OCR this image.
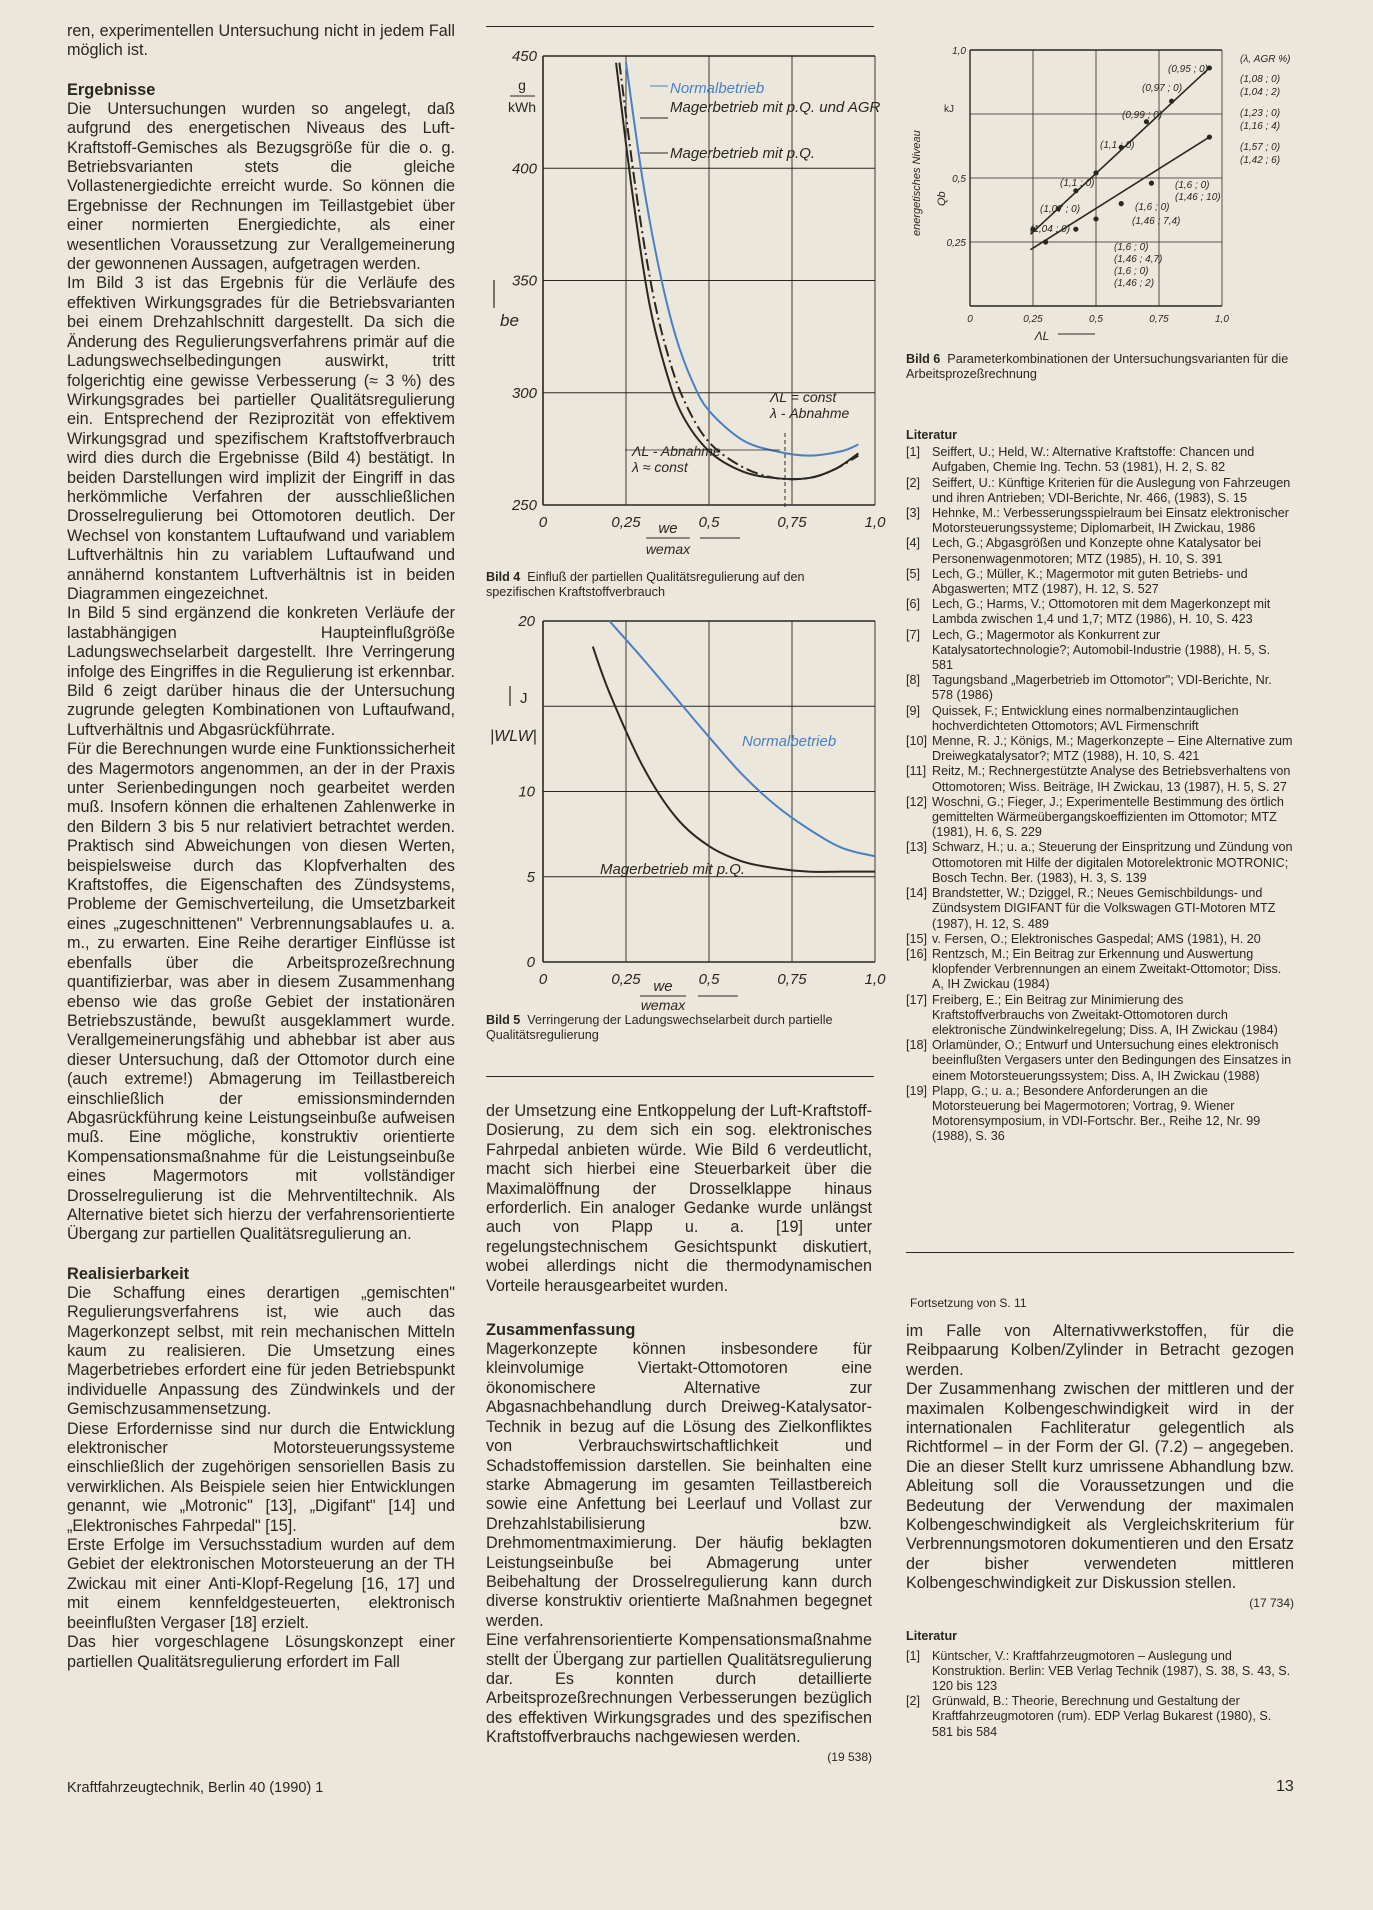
ren, experimentellen Untersuchung nicht in jedem Fall möglich ist.

Ergebnisse

Die Untersuchungen wurden so angelegt, daß aufgrund des energetischen Niveaus des Luft-Kraftstoff-Gemisches als Bezugsgröße für die o. g. Betriebsvarianten stets die gleiche Vollastenergiedichte erreicht wurde. So können die Ergebnisse der Rechnungen im Teillastgebiet über einer normierten Energiedichte, als einer wesentlichen Voraussetzung zur Verallgemeinerung der gewonnenen Aussagen, aufgetragen werden.

Im Bild 3 ist das Ergebnis für die Verläufe des effektiven Wirkungsgrades für die Betriebsvarianten bei einem Drehzahlschnitt dargestellt. Da sich die Änderung des Regulierungsverfahrens primär auf die Ladungswechselbedingungen auswirkt, tritt folgerichtig eine gewisse Verbesserung (≈ 3 %) des Wirkungsgrades bei partieller Qualitätsregulierung ein. Entsprechend der Reziprozität von effektivem Wirkungsgrad und spezifischem Kraftstoffverbrauch wird dies durch die Ergebnisse (Bild 4) bestätigt. In beiden Darstellungen wird implizit der Eingriff in das herkömmliche Verfahren der ausschließlichen Drosselregulierung bei Ottomotoren deutlich. Der Wechsel von konstantem Luftaufwand und variablem Luftverhältnis hin zu variablem Luftaufwand und annähernd konstantem Luftverhältnis ist in beiden Diagrammen eingezeichnet.

In Bild 5 sind ergänzend die konkreten Verläufe der lastabhängigen Haupteinflußgröße Ladungswechselarbeit dargestellt. Ihre Verringerung infolge des Eingriffes in die Regulierung ist erkennbar. Bild 6 zeigt darüber hinaus die der Untersuchung zugrunde gelegten Kombinationen von Luftaufwand, Luftverhältnis und Abgasrückführrate.

Für die Berechnungen wurde eine Funktionssicherheit des Magermotors angenommen, an der in der Praxis unter Serienbedingungen noch gearbeitet werden muß. Insofern können die erhaltenen Zahlenwerke in den Bildern 3 bis 5 nur relativiert betrachtet werden. Praktisch sind Abweichungen von diesen Werten, beispielsweise durch das Klopfverhalten des Kraftstoffes, die Eigenschaften des Zündsystems, Probleme der Gemischverteilung, die Umsetzbarkeit eines „zugeschnittenen" Verbrennungsablaufes u. a. m., zu erwarten. Eine Reihe derartiger Einflüsse ist ebenfalls über die Arbeitsprozeßrechnung quantifizierbar, was aber in diesem Zusammenhang ebenso wie das große Gebiet der instationären Betriebszustände, bewußt ausgeklammert wurde. Verallgemeinerungsfähig und abhebbar ist aber aus dieser Untersuchung, daß der Ottomotor durch eine (auch extreme!) Abmagerung im Teillastbereich einschließlich der emissionsmindernden Abgasrückführung keine Leistungseinbuße aufweisen muß. Eine mögliche, konstruktiv orientierte Kompensationsmaßnahme für die Leistungseinbuße eines Magermotors mit vollständiger Drosselregulierung ist die Mehrventiltechnik. Als Alternative bietet sich hierzu der verfahrensorientierte Übergang zur partiellen Qualitätsregulierung an.

Realisierbarkeit

Die Schaffung eines derartigen „gemischten" Regulierungsverfahrens ist, wie auch das Magerkonzept selbst, mit rein mechanischen Mitteln kaum zu realisieren. Die Umsetzung eines Magerbetriebes erfordert eine für jeden Betriebspunkt individuelle Anpassung des Zündwinkels und der Gemischzusammensetzung.

Diese Erfordernisse sind nur durch die Entwicklung elektronischer Motorsteuerungssysteme einschließlich der zugehörigen sensoriellen Basis zu verwirklichen. Als Beispiele seien hier Entwicklungen genannt, wie „Motronic" [13], „Digifant" [14] und „Elektronisches Fahrpedal" [15].

Erste Erfolge im Versuchsstadium wurden auf dem Gebiet der elektronischen Motorsteuerung an der TH Zwickau mit einer Anti-Klopf-Regelung [16, 17] und mit einem kennfeldgesteuerten, elektronisch beeinflußten Vergaser [18] erzielt.

Das hier vorgeschlagene Lösungskonzept einer partiellen Qualitätsregulierung erfordert im Fall

250
300
350
400
450
0	0,25	0,5	0,75	1,0
g
kWh
be
we
wemax
Normalbetrieb
Magerbetrieb mit p.Q. und AGR
Magerbetrieb mit p.Q.
ΛL = const
λ - Abnahme
ΛL - Abnahme
λ ≈ const
Bild 4 Einfluß der partiellen Qualitätsregulierung auf den spezifischen Kraftstoffverbrauch
0
5
10
20
0	0,25	0,5	0,75	1,0
J
|WLW|
we
wemax
Normalbetrieb
Magerbetrieb mit p.Q.
Bild 5 Verringerung der Ladungswechselarbeit durch partielle Qualitätsregulierung

der Umsetzung eine Entkoppelung der Luft-Kraftstoff-Dosierung, zu dem sich ein sog. elektronisches Fahrpedal anbieten würde. Wie Bild 6 verdeutlicht, macht sich hierbei eine Steuerbarkeit über die Maximalöffnung der Drosselklappe hinaus erforderlich. Ein analoger Gedanke wurde unlängst auch von Plapp u. a. [19] unter regelungstechnischem Gesichtspunkt diskutiert, wobei allerdings nicht die thermodynamischen Vorteile herausgearbeitet wurden.

Zusammenfassung

Magerkonzepte können insbesondere für kleinvolumige Viertakt-Ottomotoren eine ökonomischere Alternative zur Abgasnachbehandlung durch Dreiweg-Katalysator-Technik in bezug auf die Lösung des Zielkonfliktes von Verbrauchswirtschaftlichkeit und Schadstoffemission darstellen. Sie beinhalten eine starke Abmagerung im gesamten Teillastbereich sowie eine Anfettung bei Leerlauf und Vollast zur Drehzahlstabilisierung bzw. Drehmomentmaximierung. Der häufig beklagten Leistungseinbuße bei Abmagerung unter Beibehaltung der Drosselregulierung kann durch diverse konstruktiv orientierte Maßnahmen begegnet werden.

Eine verfahrensorientierte Kompensationsmaßnahme stellt der Übergang zur partiellen Qualitätsregulierung dar. Es konnten durch detaillierte Arbeitsprozeßrechnungen Verbesserungen bezüglich des effektiven Wirkungsgrades und des spezifischen Kraftstoffverbrauchs nachgewiesen werden.

(19 538)
0,25
0,5
1,0
0	0,25	0,5	0,75	1,0
energetisches Niveau Qb
kJ
ΛL
(λ, AGR %)
(0,95 ; 0)
(0,97 ; 0)
(0,99 ; 0)
(1,1 ; 0)
(1,1 ; 0)
(1,07 ; 0)
(1,04 ; 0)
(1,08 ; 0)
(1,04 ; 2)
(1,23 ; 0)
(1,16 ; 4)
(1,57 ; 0)
(1,42 ; 6)
(1,6 ; 0)
(1,46 ; 10)
(1,6 ; 0)
(1,46 ; 7,4)
(1,6 ; 0)
(1,46 ; 4,7)
(1,6 ; 0)
(1,46 ; 2)
Bild 6 Parameterkombinationen der Untersuchungsvarianten für die Arbeitsprozeßrechnung
Literatur
[1] Seiffert, U.; Held, W.: Alternative Kraftstoffe: Chancen und Aufgaben, Chemie Ing. Techn. 53 (1981), H. 2, S. 82
[2] Seiffert, U.: Künftige Kriterien für die Auslegung von Fahrzeugen und ihren Antrieben; VDI-Berichte, Nr. 466, (1983), S. 15
[3] Hehnke, M.: Verbesserungsspielraum bei Einsatz elektronischer Motorsteuerungssysteme; Diplomarbeit, IH Zwickau, 1986
[4] Lech, G.; Abgasgrößen und Konzepte ohne Katalysator bei Personenwagenmotoren; MTZ (1985), H. 10, S. 391
[5] Lech, G.; Müller, K.; Magermotor mit guten Betriebs- und Abgaswerten; MTZ (1987), H. 12, S. 527
[6] Lech, G.; Harms, V.; Ottomotoren mit dem Magerkonzept mit Lambda zwischen 1,4 und 1,7; MTZ (1986), H. 10, S. 423
[7] Lech, G.; Magermotor als Konkurrent zur Katalysatortechnologie?; Automobil-Industrie (1988), H. 5, S. 581
[8] Tagungsband „Magerbetrieb im Ottomotor"; VDI-Berichte, Nr. 578 (1986)
[9] Quissek, F.; Entwicklung eines normalbenzintauglichen hochverdichteten Ottomotors; AVL Firmenschrift
[10] Menne, R. J.; Königs, M.; Magerkonzepte – Eine Alternative zum Dreiwegkatalysator?; MTZ (1988), H. 10, S. 421
[11] Reitz, M.; Rechnergestützte Analyse des Betriebsverhaltens von Ottomotoren; Wiss. Beiträge, IH Zwickau, 13 (1987), H. 5, S. 27
[12] Woschni, G.; Fieger, J.; Experimentelle Bestimmung des örtlich gemittelten Wärmeübergangskoeffizienten im Ottomotor; MTZ (1981), H. 6, S. 229
[13] Schwarz, H.; u. a.; Steuerung der Einspritzung und Zündung von Ottomotoren mit Hilfe der digitalen Motorelektronic MOTRONIC; Bosch Techn. Ber. (1983), H. 3, S. 139
[14] Brandstetter, W.; Dziggel, R.; Neues Gemischbildungs- und Zündsystem DIGIFANT für die Volkswagen GTI-Motoren MTZ (1987), H. 12, S. 489
[15] v. Fersen, O.; Elektronisches Gaspedal; AMS (1981), H. 20
[16] Rentzsch, M.; Ein Beitrag zur Erkennung und Auswertung klopfender Verbrennungen an einem Zweitakt-Ottomotor; Diss. A, IH Zwickau (1984)
[17] Freiberg, E.; Ein Beitrag zur Minimierung des Kraftstoffverbrauchs von Zweitakt-Ottomotoren durch elektronische Zündwinkelregelung; Diss. A, IH Zwickau (1984)
[18] Orlamünder, O.; Entwurf und Untersuchung eines elektronisch beeinflußten Vergasers unter den Bedingungen des Einsatzes in einem Motorsteuerungssystem; Diss. A, IH Zwickau (1988)
[19] Plapp, G.; u. a.; Besondere Anforderungen an die Motorsteuerung bei Magermotoren; Vortrag, 9. Wiener Motorensymposium, in VDI-Fortschr. Ber., Reihe 12, Nr. 99 (1988), S. 36
Fortsetzung von S. 11

im Falle von Alternativwerkstoffen, für die Reibpaarung Kolben/Zylinder in Betracht gezogen werden.

Der Zusammenhang zwischen der mittleren und der maximalen Kolbengeschwindigkeit wird in der internationalen Fachliteratur gelegentlich als Richtformel – in der Form der Gl. (7.2) – angegeben. Die an dieser Stellt kurz umrissene Abhandlung bzw. Ableitung soll die Voraussetzungen und die Bedeutung der Verwendung der maximalen Kolbengeschwindigkeit als Vergleichskriterium für Verbrennungsmotoren dokumentieren und den Ersatz der bisher verwendeten mittleren Kolbengeschwindigkeit zur Diskussion stellen.

(17 734)
Literatur
[1] Küntscher, V.: Kraftfahrzeugmotoren – Auslegung und Konstruktion. Berlin: VEB Verlag Technik (1987), S. 38, S. 43, S. 120 bis 123
[2] Grünwald, B.: Theorie, Berechnung und Gestaltung der Kraftfahrzeugmotoren (rum). EDP Verlag Bukarest (1980), S. 581 bis 584
Kraftfahrzeugtechnik, Berlin 40 (1990) 1	13
